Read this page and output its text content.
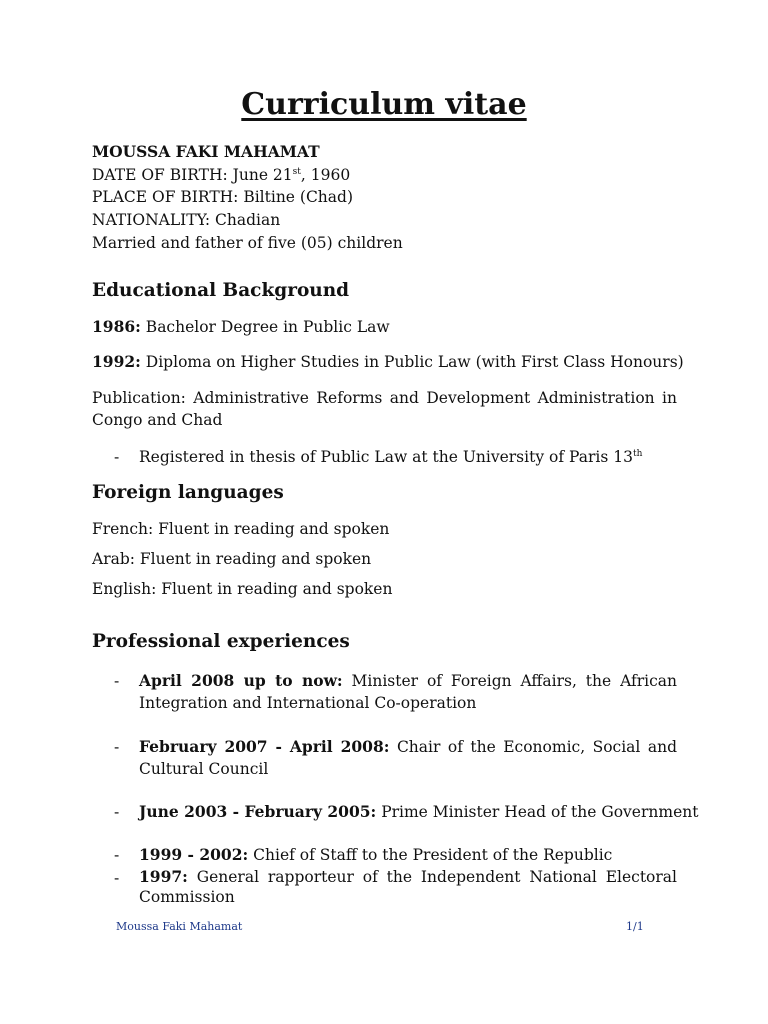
Curriculum vitae
MOUSSA FAKI MAHAMAT
DATE OF BIRTH: June 21st, 1960
PLACE OF BIRTH: Biltine (Chad)
NATIONALITY: Chadian
Married and father of five (05) children
Educational Background
1986: Bachelor Degree in Public Law
1992: Diploma on Higher Studies in Public Law (with First Class Honours)
Publication: Administrative Reforms and Development Administration in Congo and Chad
-	Registered in thesis of Public Law at the University of Paris 13th
Foreign languages
French: Fluent in reading and spoken
Arab: Fluent in reading and spoken
English: Fluent in reading and spoken
Professional experiences
-	April 2008 up to now: Minister of Foreign Affairs, the African Integration and International Co-operation
-	February 2007 - April 2008: Chair of the Economic, Social and Cultural Council
-	June 2003 - February 2005: Prime Minister Head of the Government
-	1999 - 2002: Chief of Staff to the President of the Republic
-	1997: General rapporteur of the Independent National Electoral Commission
Moussa Faki Mahamat	1/1
